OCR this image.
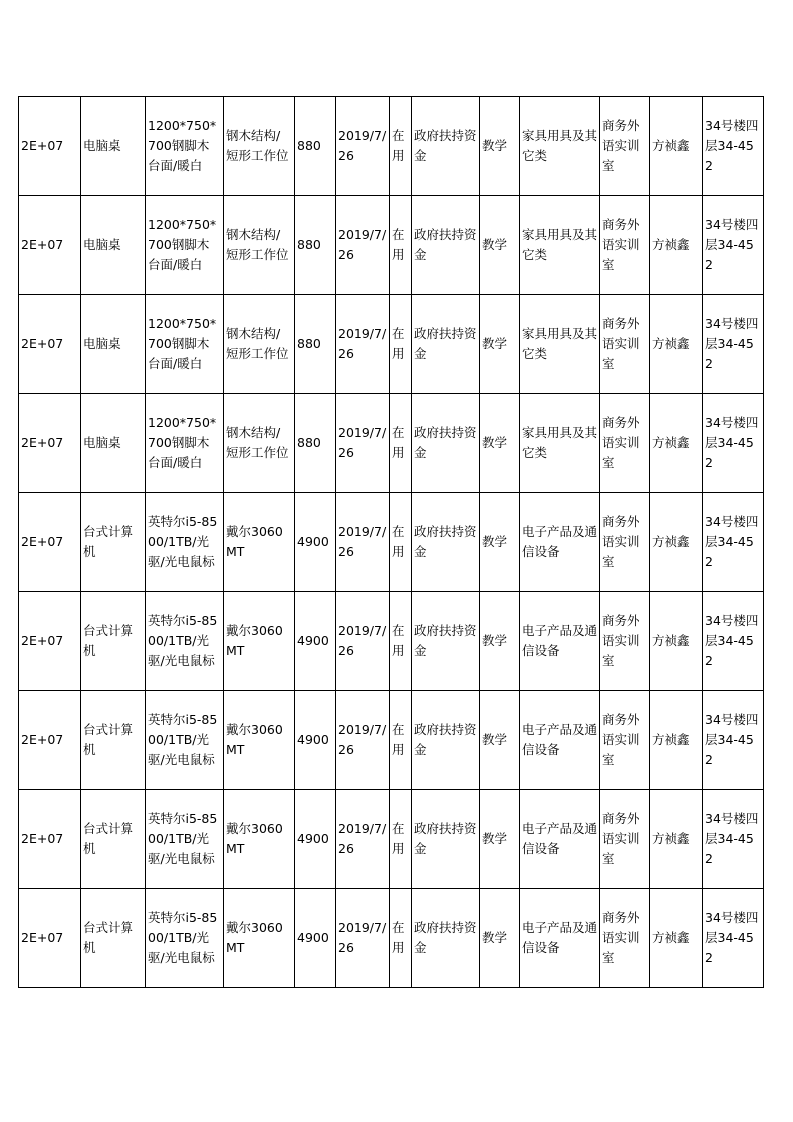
2E+07	电脑桌	1200*750*700钢脚木台面/暖白	钢木结构/短形工作位	880	2019/7/26	在用	政府扶持资金	教学	家具用具及其它类	商务外语实训室	方祯鑫	34号楼四层34-452
2E+07	电脑桌	1200*750*700钢脚木台面/暖白	钢木结构/短形工作位	880	2019/7/26	在用	政府扶持资金	教学	家具用具及其它类	商务外语实训室	方祯鑫	34号楼四层34-452
2E+07	电脑桌	1200*750*700钢脚木台面/暖白	钢木结构/短形工作位	880	2019/7/26	在用	政府扶持资金	教学	家具用具及其它类	商务外语实训室	方祯鑫	34号楼四层34-452
2E+07	电脑桌	1200*750*700钢脚木台面/暖白	钢木结构/短形工作位	880	2019/7/26	在用	政府扶持资金	教学	家具用具及其它类	商务外语实训室	方祯鑫	34号楼四层34-452
2E+07	台式计算机	英特尔i5-8500/1TB/光驱/光电鼠标	戴尔3060MT	4900	2019/7/26	在用	政府扶持资金	教学	电子产品及通信设备	商务外语实训室	方祯鑫	34号楼四层34-452
2E+07	台式计算机	英特尔i5-8500/1TB/光驱/光电鼠标	戴尔3060MT	4900	2019/7/26	在用	政府扶持资金	教学	电子产品及通信设备	商务外语实训室	方祯鑫	34号楼四层34-452
2E+07	台式计算机	英特尔i5-8500/1TB/光驱/光电鼠标	戴尔3060MT	4900	2019/7/26	在用	政府扶持资金	教学	电子产品及通信设备	商务外语实训室	方祯鑫	34号楼四层34-452
2E+07	台式计算机	英特尔i5-8500/1TB/光驱/光电鼠标	戴尔3060MT	4900	2019/7/26	在用	政府扶持资金	教学	电子产品及通信设备	商务外语实训室	方祯鑫	34号楼四层34-452
2E+07	台式计算机	英特尔i5-8500/1TB/光驱/光电鼠标	戴尔3060MT	4900	2019/7/26	在用	政府扶持资金	教学	电子产品及通信设备	商务外语实训室	方祯鑫	34号楼四层34-452
